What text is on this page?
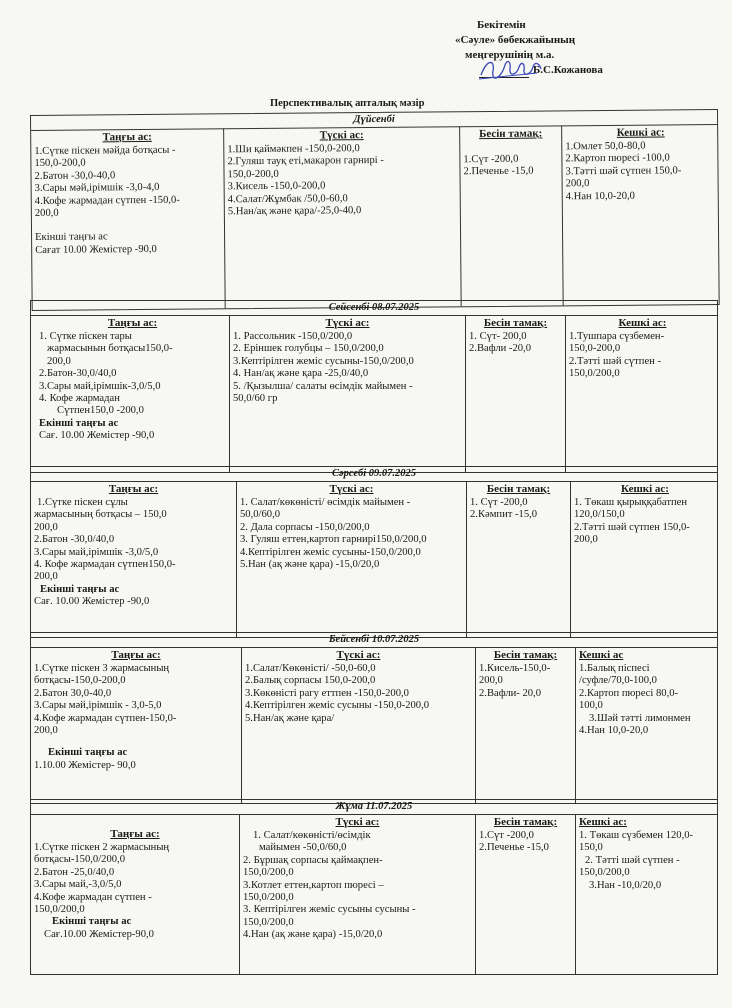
Бекітемін
«Сәуле» бөбекжайының
меңгерушінің м.а.
Б.С.Кожанова
Перспективалық апталық мәзір
Дүйсенбі
Таңғы ас:
1.Сүтке піскен мәйда ботқасы -
150,0-200,0
2.Батон -30,0-40,0
3.Сары мәй,ірімшік -3,0-4,0
4.Кофе жармадан сүтпен -150,0-
200,0
Екінші таңғы ас
Сағат 10.00 Жемістер -90,0
Түскі ас:
1.Ши қаймәкпен -150,0-200,0
2.Гуляш тауқ еті,макарон гарнирі -
150,0-200,0
3.Кисель -150,0-200,0
4.Салат/Жұмбак /50,0-60,0
5.Нан/ақ және қара/-25,0-40,0
Бесін тамақ:
1.Сүт -200,0
2.Печенье -15,0
Кешкі ас:
1.Омлет 50,0-80,0
2.Картоп пюресі -100,0
3.Тәтті шәй сүтпен 150,0-
200,0
4.Нан 10,0-20,0
Сейсенбі 08.07.2025
Таңғы ас:
1. Сүтке піскен тары
жармасынын ботқасы150,0-
200,0
2.Батон-30,0/40,0
3.Сары май,ірімшік-3,0/5,0
4. Кофе жармадан
Сүтпен150,0 -200,0
Екінші таңғы ас
Сағ. 10.00 Жемістер -90,0
Түскі ас:
1. Рассольник -150,0/200,0
2. Еріншек голубцы – 150,0/200,0
3.Кептірілген жеміс сусыны-150,0/200,0
4. Нан/ақ және қара -25,0/40,0
5. /Қызылша/ салаты өсімдік майымен -
50,0/60 гр
Бесін тамақ:
1. Сүт- 200,0
2.Вафли -20,0
Кешкі ас:
1.Тушпара сүзбемен-
150,0-200,0
2.Тәтті шәй сүтпен -
150,0/200,0
Сәрсебі 09.07.2025
Таңғы ас:
1.Сүтке піскен сұлы
жармасының ботқасы – 150,0
200,0
2.Батон -30,0/40,0
3.Сары май,ірімшік -3,0/5,0
4. Кофе жармадан сүтпен150,0-
200,0
Екінші таңғы ас
Сағ. 10.00 Жемістер -90,0
Түскі ас:
1. Салат/көкөністі/ өсімдік майымен -
50,0/60,0
2. Дала сорпасы -150,0/200,0
3. Гуляш еттен,картоп гарнирі150,0/200,0
4.Кептірілген жеміс сусыны-150,0/200,0
5.Нан (ақ және қара) -15,0/20,0
Бесін тамақ:
1. Сүт -200,0
2.Кәмпит -15,0
Кешкі ас:
1. Төкаш қырыққабатпен
120,0/150,0
2.Тәтті шәй сүтпен 150,0-
200,0
Бейсенбі 10.07.2025
Таңғы ас:
1.Сүтке піскен 3 жармасының
ботқасы-150,0-200,0
2.Батон 30,0-40,0
3.Сары мәй,ірімшік - 3,0-5,0
4.Кофе жармадан сүтпен-150,0-
200,0
Екінші таңғы ас
1.10.00 Жемістер- 90,0
Түскі ас:
1.Салат/Көкөністі/ -50,0-60,0
2.Балық сорпасы 150,0-200,0
3.Көкөністі рагу еттпен -150,0-200,0
4.Кептірілген жеміс сусыны -150,0-200,0
5.Нан/ақ және қара/
Бесін тамақ:
1.Кисель-150,0-
200,0
2.Вафли- 20,0
Кешкі ас
1.Балық піспесі
/суфле/70,0-100,0
2.Картоп пюресі 80,0-
100,0
3.Шәй тәтті лимонмен
4.Нан 10,0-20,0
Жұма 11.07.2025
Таңғы ас:
1.Сүтке піскен 2 жармасының
ботқасы-150,0/200,0
2.Батон -25,0/40,0
3.Сары май,-3,0/5,0
4.Кофе жармадан сүтпен -
150,0/200,0
Екінші таңғы ас
Сағ.10.00 Жемістер-90,0
Түскі ас:
1. Салат/көкөністі/өсімдік
майымен -50,0/60,0
2. Бұршақ сорпасы қаймақпен-
150,0/200,0
3.Котлет еттен,картоп пюресі –
150,0/200,0
3. Кептірілген жеміс сусыны сусыны -
150,0/200,0
4.Нан (ақ және қара) -15,0/20,0
Бесін тамақ:
1.Сүт -200,0
2.Печенье -15,0
Кешкі ас:
1. Төкаш сүзбемен 120,0-
150,0
2. Тәтті шәй сүтпен -
150,0/200,0
3.Нан -10,0/20,0
